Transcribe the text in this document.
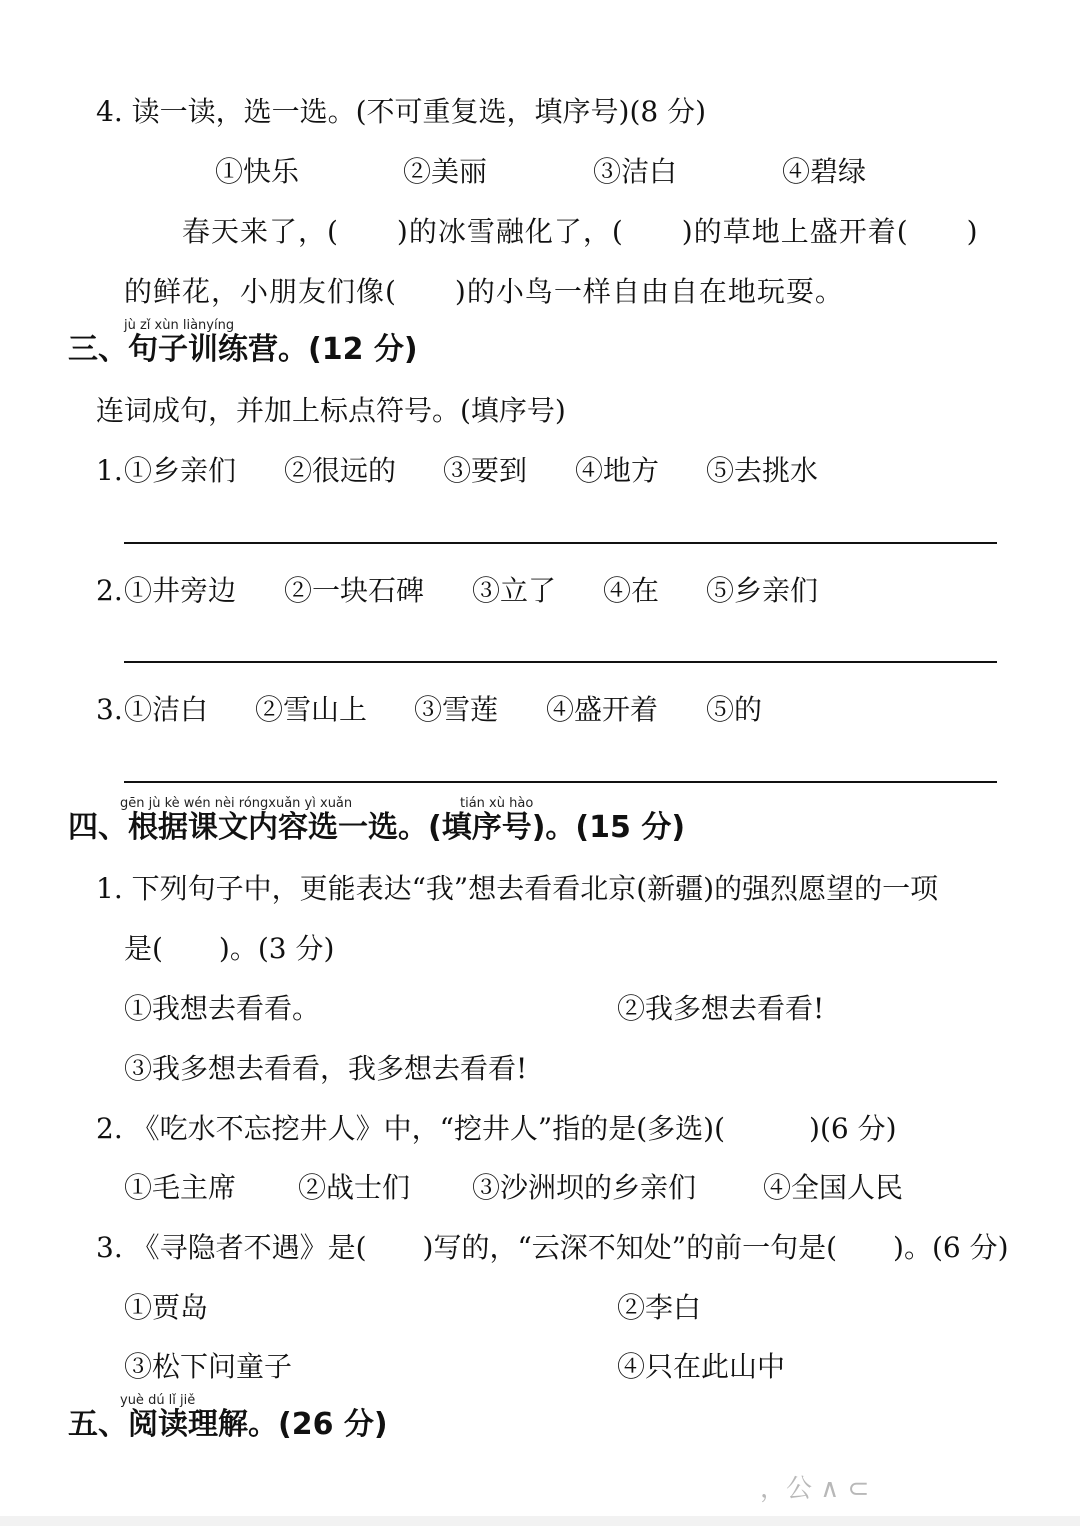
4. 读一读，选一选。(不可重复选，填序号)(8 分)
①快乐	②美丽	③洁白	④碧绿
春天来了，(　　)的冰雪融化了，(　　)的草地上盛开着(　　)
的鲜花，小朋友们像(　　)的小鸟一样自由自在地玩耍。
jù zǐ xùn liànyíng
三、句子训练营。(12 分)
连词成句，并加上标点符号。(填序号)
1. ①乡亲们 ②很远的 ③要到 ④地方 ⑤去挑水
2. ①井旁边 ②一块石碑 ③立了 ④在 ⑤乡亲们
3. ①洁白 ②雪山上 ③雪莲 ④盛开着 ⑤的
gēn jù kè wén nèi róngxuǎn yì xuǎn	tián xù hào
四、根据课文内容选一选。(填序号)。(15 分)
1. 下列句子中，更能表达“我”想去看看北京(新疆)的强烈愿望的一项
是(　　)。(3 分)
①我想去看看。	②我多想去看看!
③我多想去看看，我多想去看看!
2. 《吃水不忘挖井人》中，“挖井人”指的是(多选)(　　　)(6 分)
①毛主席 ②战士们 ③沙洲坝的乡亲们 ④全国人民
3. 《寻隐者不遇》是(　　)写的，“云深不知处”的前一句是(　　)。(6 分)
①贾岛	②李白
③松下问童子	④只在此山中
yuè dú lǐ jiě
五、阅读理解。(26 分)
，公 ∧ ⊂
